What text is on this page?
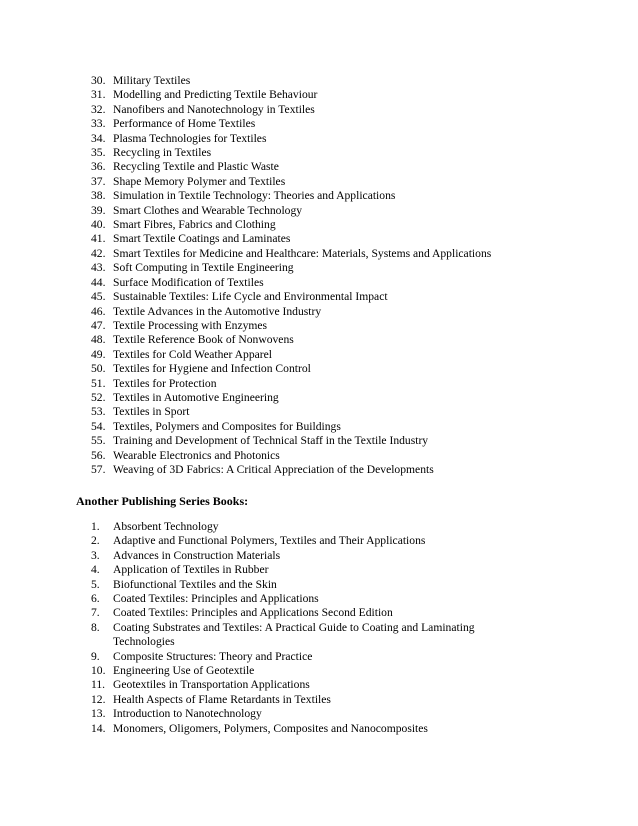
30. Military Textiles
31. Modelling and Predicting Textile Behaviour
32. Nanofibers and Nanotechnology in Textiles
33. Performance of Home Textiles
34. Plasma Technologies for Textiles
35. Recycling in Textiles
36. Recycling Textile and Plastic Waste
37. Shape Memory Polymer and Textiles
38. Simulation in Textile Technology: Theories and Applications
39. Smart Clothes and Wearable Technology
40. Smart Fibres, Fabrics and Clothing
41. Smart Textile Coatings and Laminates
42. Smart Textiles for Medicine and Healthcare: Materials, Systems and Applications
43. Soft Computing in Textile Engineering
44. Surface Modification of Textiles
45. Sustainable Textiles: Life Cycle and Environmental Impact
46. Textile Advances in the Automotive Industry
47. Textile Processing with Enzymes
48. Textile Reference Book of Nonwovens
49. Textiles for Cold Weather Apparel
50. Textiles for Hygiene and Infection Control
51. Textiles for Protection
52. Textiles in Automotive Engineering
53. Textiles in Sport
54. Textiles, Polymers and Composites for Buildings
55. Training and Development of Technical Staff in the Textile Industry
56. Wearable Electronics and Photonics
57. Weaving of 3D Fabrics: A Critical Appreciation of the Developments
Another Publishing Series Books:
1. Absorbent Technology
2. Adaptive and Functional Polymers, Textiles and Their Applications
3. Advances in Construction Materials
4. Application of Textiles in Rubber
5. Biofunctional Textiles and the Skin
6. Coated Textiles: Principles and Applications
7. Coated Textiles: Principles and Applications Second Edition
8. Coating Substrates and Textiles: A Practical Guide to Coating and Laminating
Technologies
9. Composite Structures: Theory and Practice
10. Engineering Use of Geotextile
11. Geotextiles in Transportation Applications
12. Health Aspects of Flame Retardants in Textiles
13. Introduction to Nanotechnology
14. Monomers, Oligomers, Polymers, Composites and Nanocomposites
